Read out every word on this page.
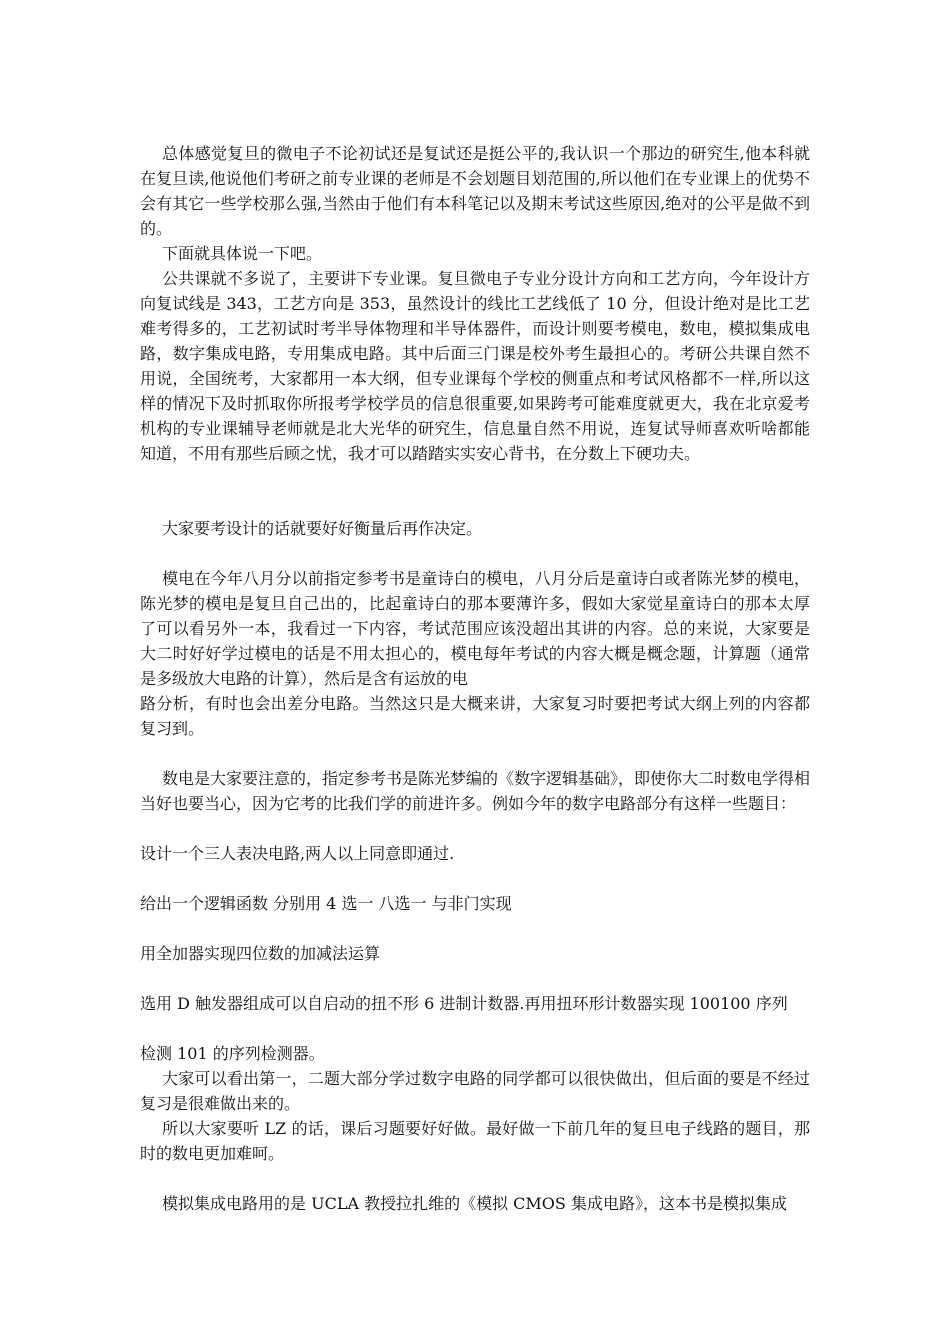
总体感觉复旦的微电子不论初试还是复试还是挺公平的,我认识一个那边的研究生,他本科就在复旦读,他说他们考研之前专业课的老师是不会划题目划范围的,所以他们在专业课上的优势不会有其它一些学校那么强,当然由于他们有本科笔记以及期末考试这些原因,绝对的公平是做不到的。

下面就具体说一下吧。

公共课就不多说了，主要讲下专业课。复旦微电子专业分设计方向和工艺方向，今年设计方向复试线是 343，工艺方向是 353，虽然设计的线比工艺线低了 10 分，但设计绝对是比工艺难考得多的，工艺初试时考半导体物理和半导体器件，而设计则要考模电，数电，模拟集成电路，数字集成电路，专用集成电路。其中后面三门课是校外考生最担心的。考研公共课自然不用说，全国统考，大家都用一本大纲，但专业课每个学校的侧重点和考试风格都不一样,所以这样的情况下及时抓取你所报考学校学员的信息很重要,如果跨考可能难度就更大，我在北京爱考机构的专业课辅导老师就是北大光华的研究生，信息量自然不用说，连复试导师喜欢听啥都能知道，不用有那些后顾之忧，我才可以踏踏实实安心背书，在分数上下硬功夫。

大家要考设计的话就要好好衡量后再作决定。

模电在今年八月分以前指定参考书是童诗白的模电，八月分后是童诗白或者陈光梦的模电，陈光梦的模电是复旦自己出的，比起童诗白的那本要薄许多，假如大家觉星童诗白的那本太厚了可以看另外一本，我看过一下内容，考试范围应该没超出其讲的内容。总的来说，大家要是大二时好好学过模电的话是不用太担心的，模电每年考试的内容大概是概念题，计算题（通常是多级放大电路的计算），然后是含有运放的电

路分析，有时也会出差分电路。当然这只是大概来讲，大家复习时要把考试大纲上列的内容都复习到。

数电是大家要注意的，指定参考书是陈光梦编的《数字逻辑基础》，即使你大二时数电学得相当好也要当心，因为它考的比我们学的前进许多。例如今年的数字电路部分有这样一些题目：

设计一个三人表决电路,两人以上同意即通过.

给出一个逻辑函数 分别用 4 选一 八选一 与非门实现

用全加器实现四位数的加减法运算

选用 D 触发器组成可以自启动的扭不形 6 进制计数器.再用扭环形计数器实现 100100 序列

检测 101 的序列检测器。

大家可以看出第一，二题大部分学过数字电路的同学都可以很快做出，但后面的要是不经过复习是很难做出来的。

所以大家要听 LZ 的话，课后习题要好好做。最好做一下前几年的复旦电子线路的题目，那时的数电更加难呵。

模拟集成电路用的是 UCLA 教授拉扎维的《模拟 CMOS 集成电路》，这本书是模拟集成
